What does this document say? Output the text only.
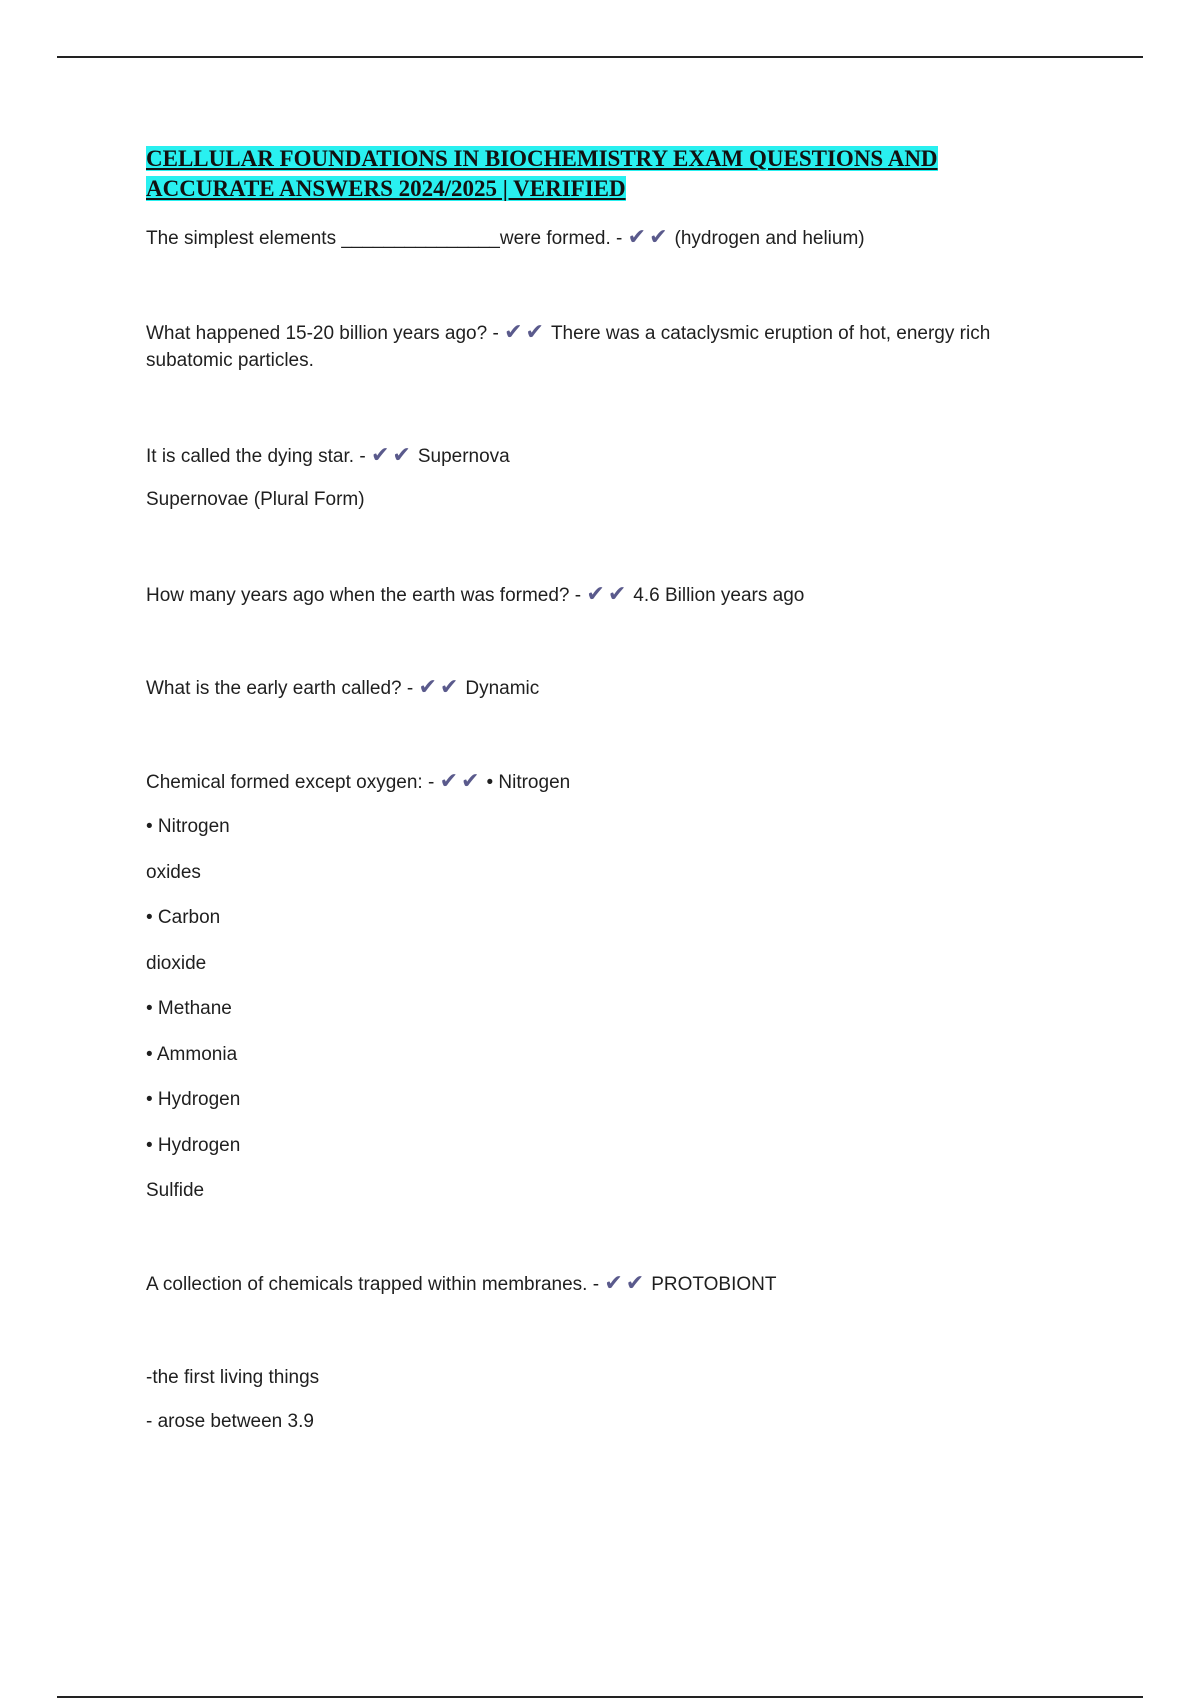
CELLULAR FOUNDATIONS IN BIOCHEMISTRY EXAM QUESTIONS AND
ACCURATE ANSWERS 2024/2025 | VERIFIED
The simplest elements _______________were formed. - ✔ ✔ (hydrogen and helium)
What happened 15-20 billion years ago? - ✔ ✔ There was a cataclysmic eruption of hot, energy rich
subatomic particles.
It is called the dying star. - ✔ ✔ Supernova
Supernovae (Plural Form)
How many years ago when the earth was formed? - ✔ ✔ 4.6 Billion years ago
What is the early earth called? - ✔ ✔ Dynamic
Chemical formed except oxygen: - ✔ ✔ • Nitrogen
• Nitrogen
oxides
• Carbon
dioxide
• Methane
• Ammonia
• Hydrogen
• Hydrogen
Sulfide
A collection of chemicals trapped within membranes. - ✔ ✔ PROTOBIONT
-the first living things
- arose between 3.9
